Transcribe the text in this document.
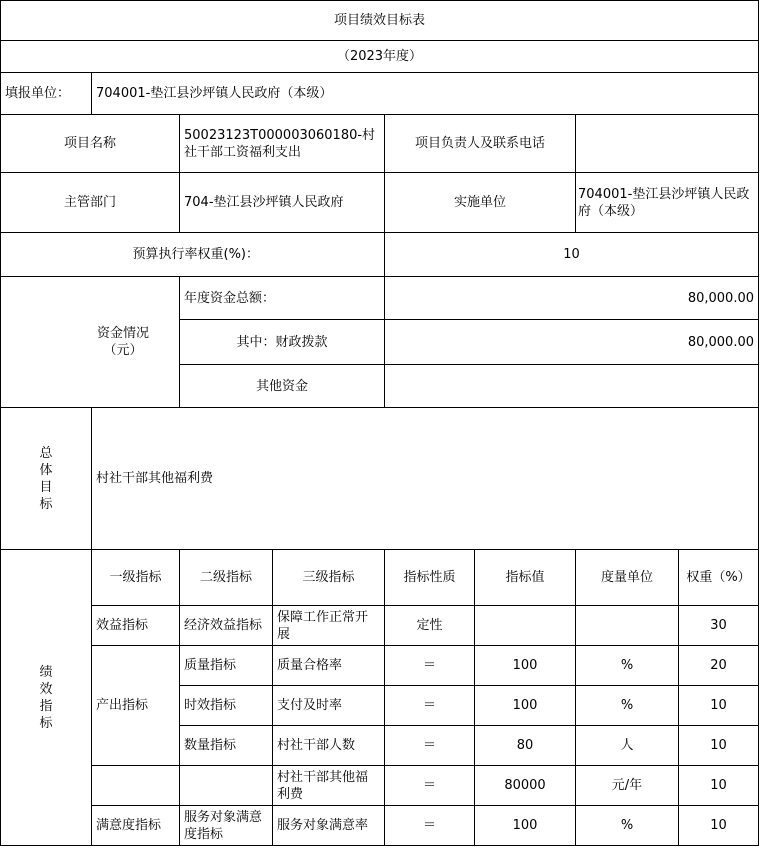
项目绩效目标表							
（2023年度）							
填报单位：	704001-垫江县沙坪镇人民政府（本级）						
项目名称		50023123T000003060180-村社干部工资福利支出		项目负责人及联系电话			
主管部门		704-垫江县沙坪镇人民政府		实施单位		704001-垫江县沙坪镇人民政府（本级）	
预算执行率权重(%)：				10			

资金情况
（元）		年度资金总额：		80,000.00			
		其中：财政拨款		80,000.00			
		其他资金					

总
体
目
标	村社干部其他福利费						

绩
效
指
标	一级指标	二级指标	三级指标	指标性质	指标值	度量单位	权重（%）
	效益指标	经济效益指标	保障工作正常开展	定性			30
	产出指标	质量指标	质量合格率	＝	100	%	20
		时效指标	支付及时率	＝	100	%	10
		数量指标	村社干部人数	＝	80	人	10
			村社干部其他福利费	＝	80000	元/年	10
	满意度指标	服务对象满意度指标	服务对象满意率	＝	100	%	10
